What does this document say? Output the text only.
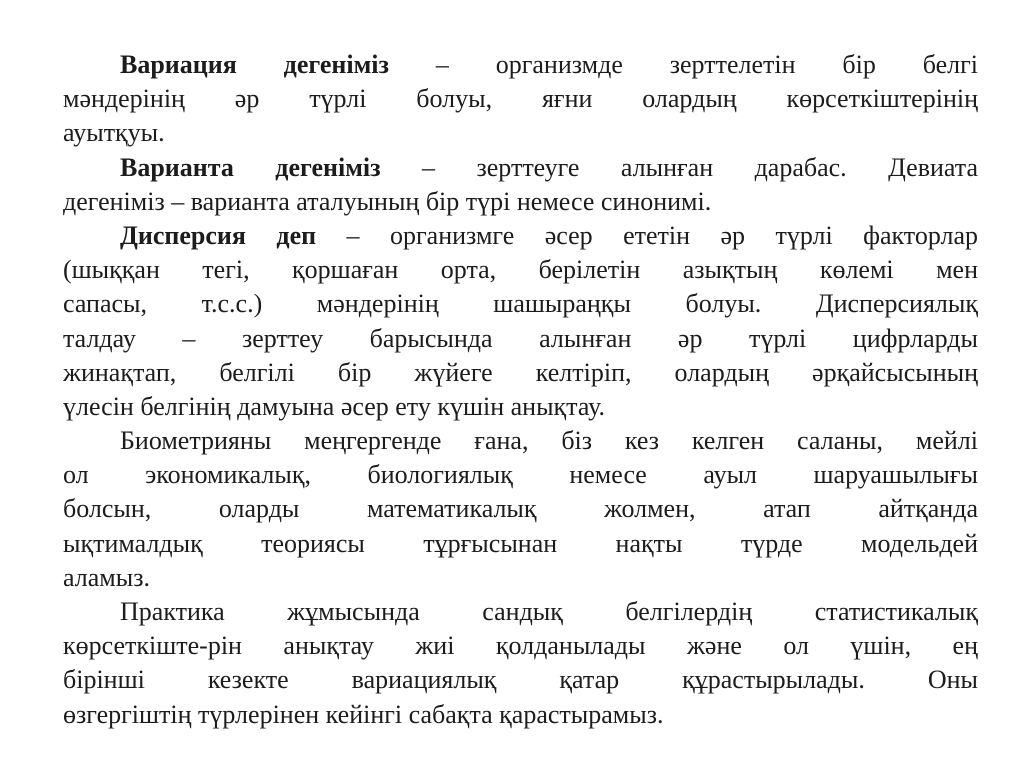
Вариация дегеніміз – организмде зерттелетін бір белгі
мәндерінің әр түрлі болуы, яғни олардың көрсеткіштерінің
ауытқуы.
Варианта дегеніміз – зерттеуге алынған дарабас. Девиата
дегеніміз – варианта аталуының бір түрі немесе синонимі.
Дисперсия деп – организмге әсер ететін әр түрлі факторлар
(шыққан тегі, қоршаған орта, берілетін азықтың көлемі мен
сапасы, т.с.с.) мәндерінің шашыраңқы болуы. Дисперсиялық
талдау – зерттеу барысында алынған әр түрлі цифрларды
жинақтап, белгілі бір жүйеге келтіріп, олардың әрқайсысының
үлесін белгінің дамуына әсер ету күшін анықтау.
Биометрияны меңгергенде ғана, біз кез келген саланы, мейлі
ол экономикалық, биологиялық немесе ауыл шаруашылығы
болсын, оларды математикалық жолмен, атап айтқанда
ықтималдық теориясы тұрғысынан нақты түрде модельдей
аламыз.
Практика жұмысында сандық белгілердің статистикалық
көрсеткіште-рін анықтау жиі қолданылады және ол үшін, ең
бірінші кезекте вариациялық қатар құрастырылады. Оны
өзгергіштің түрлерінен кейінгі сабақта қарастырамыз.
